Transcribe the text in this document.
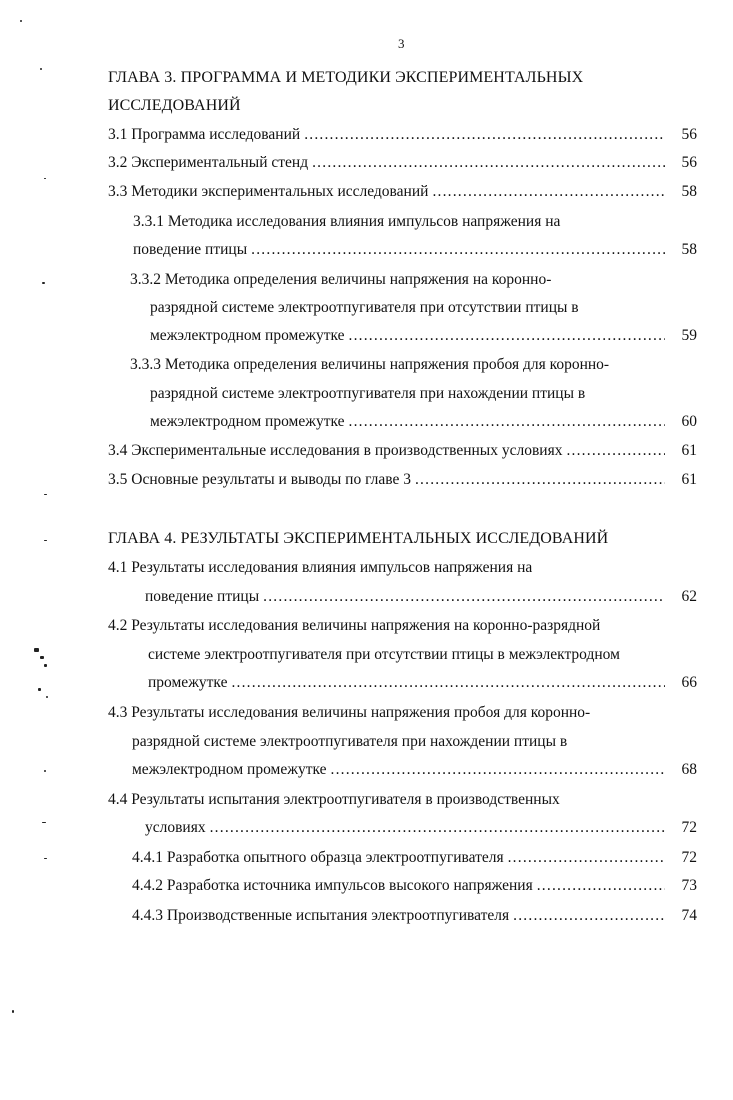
3
ГЛАВА 3. ПРОГРАММА И МЕТОДИКИ ЭКСПЕРИМЕНТАЛЬНЫХ
ИССЛЕДОВАНИЙ
3.1 Программа исследований .....	56
3.2 Экспериментальный стенд .....	56
3.3 Методики экспериментальных исследований .....	58
3.3.1 Методика исследования влияния импульсов напряжения на
поведение птицы .....	58
3.3.2 Методика определения величины напряжения на коронно-
разрядной системе электроотпугивателя при отсутствии птицы в
межэлектродном промежутке .....	59
3.3.3 Методика определения величины напряжения пробоя для коронно-
разрядной системе электроотпугивателя при нахождении птицы в
межэлектродном промежутке .....	60
3.4 Экспериментальные исследования в производственных условиях .....	61
3.5 Основные результаты и выводы по главе 3 .....	61
ГЛАВА 4. РЕЗУЛЬТАТЫ ЭКСПЕРИМЕНТАЛЬНЫХ ИССЛЕДОВАНИЙ
4.1 Результаты исследования влияния импульсов напряжения на
поведение птицы .....	62
4.2 Результаты исследования величины напряжения на коронно-разрядной
системе электроотпугивателя при отсутствии птицы в межэлектродном
промежутке .....	66
4.3 Результаты исследования величины напряжения пробоя для коронно-
разрядной системе электроотпугивателя при нахождении птицы в
межэлектродном промежутке .....	68
4.4 Результаты испытания электроотпугивателя в производственных
условиях .....	72
4.4.1 Разработка опытного образца электроотпугивателя .....	72
4.4.2 Разработка источника импульсов высокого напряжения .....	73
4.4.3 Производственные испытания электроотпугивателя .....	74
